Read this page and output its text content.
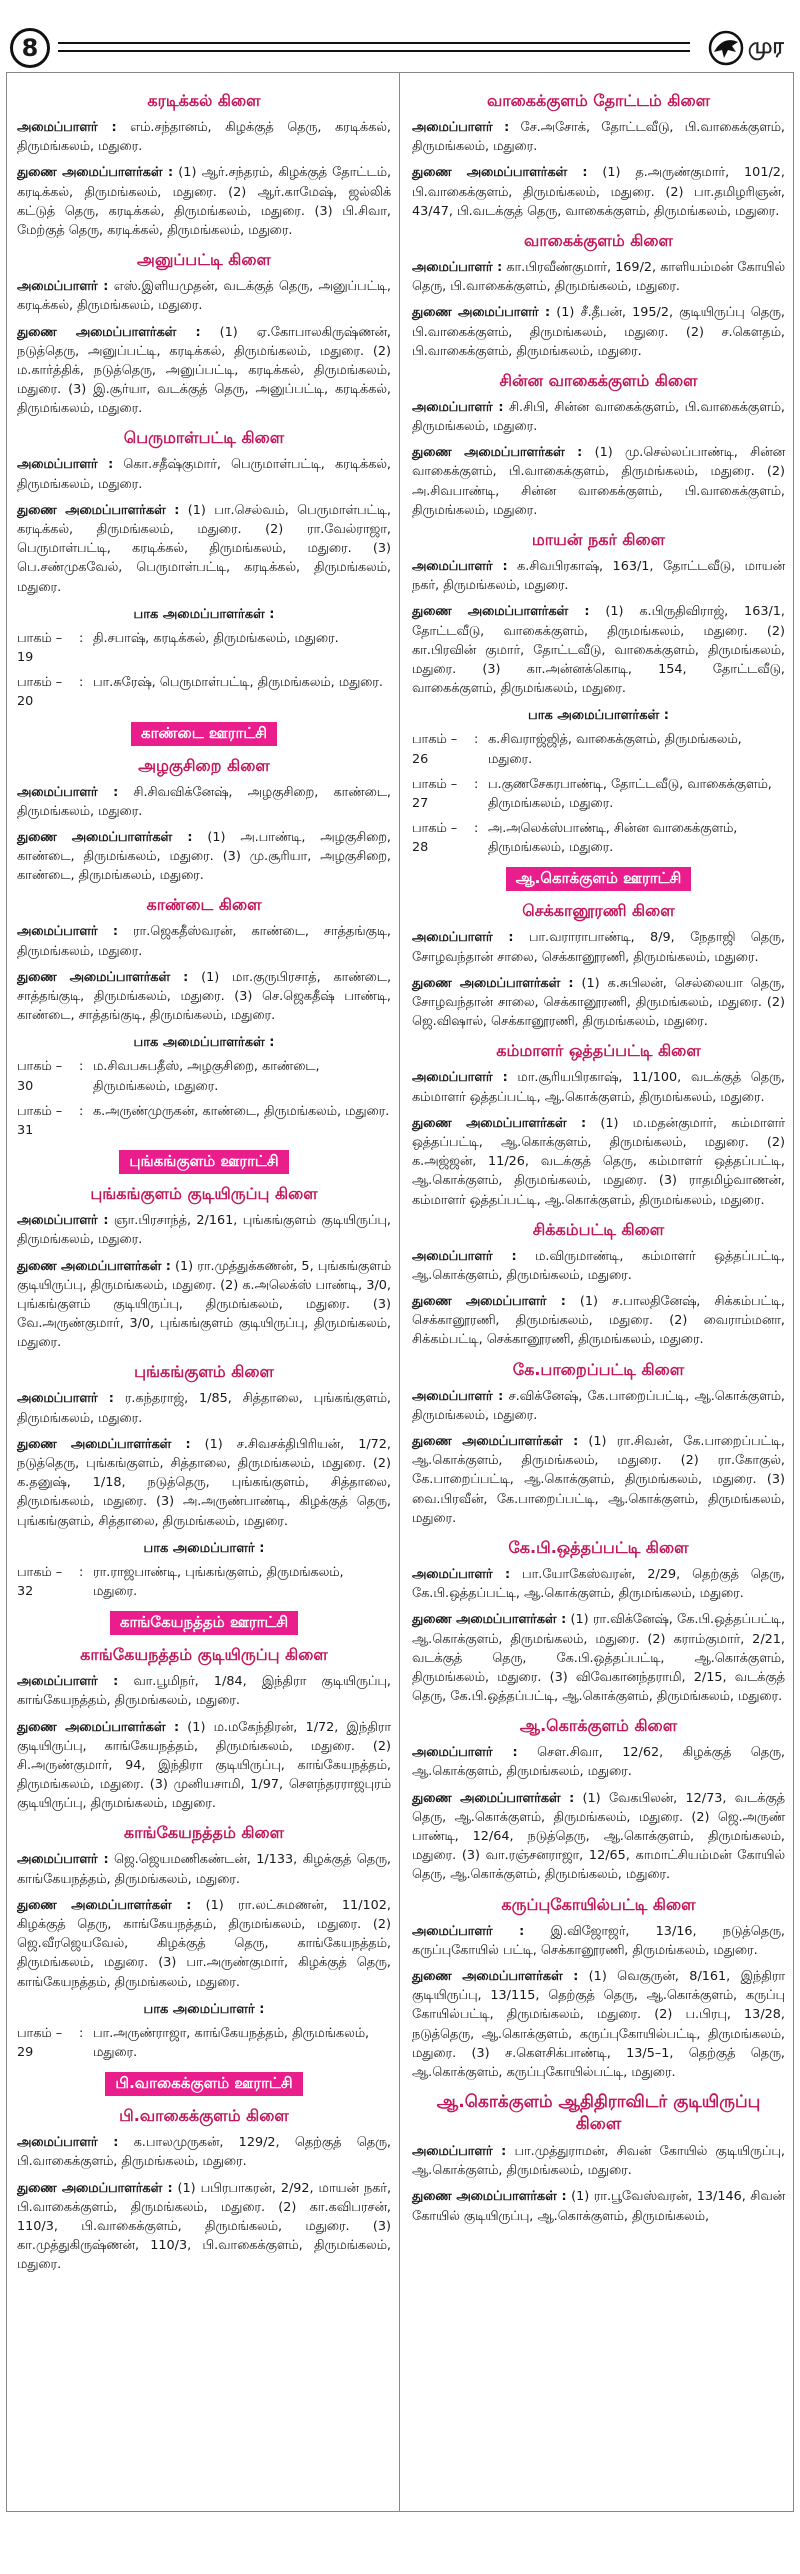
8	முர
கரடிக்கல் கிளை
அமைப்பாளர் : எம்.சந்தானம், கிழக்குத் தெரு, கரடிக்கல், திருமங்கலம், மதுரை.
துணை அமைப்பாளர்கள் : (1) ஆர்.சந்தரம், கிழக்குத் தோட்டம், கரடிக்கல், திருமங்கலம், மதுரை. (2) ஆர்.காமேஷ், ஜல்லிக் கட்டுத் தெரு, கரடிக்கல், திருமங்கலம், மதுரை. (3) பி.சிவா, மேற்குத் தெரு, கரடிக்கல், திருமங்கலம், மதுரை.
அனுப்பட்டி கிளை
அமைப்பாளர் : எஸ்.இளியமுதன், வடக்குத் தெரு, அனுப்பட்டி, கரடிக்கல், திருமங்கலம், மதுரை.
துணை அமைப்பாளர்கள் : (1) ஏ.கோபாலகிருஷ்ணன், நடுத்தெரு, அனுப்பட்டி, கரடிக்கல், திருமங்கலம், மதுரை. (2) ம.கார்த்திக், நடுத்தெரு, அனுப்பட்டி, கரடிக்கல், திருமங்கலம், மதுரை. (3) இ.சூர்யா, வடக்குத் தெரு, அனுப்பட்டி, கரடிக்கல், திருமங்கலம், மதுரை.
பெருமாள்பட்டி கிளை
அமைப்பாளர் : கொ.சதீஷ்குமார், பெருமாள்பட்டி, கரடிக்கல், திருமங்கலம், மதுரை.
துணை அமைப்பாளர்கள் : (1) பா.செல்வம், பெருமாள்பட்டி, கரடிக்கல், திருமங்கலம், மதுரை. (2) ரா.வேல்ராஜா, பெருமாள்பட்டி, கரடிக்கல், திருமங்கலம், மதுரை. (3) பெ.சண்முகவேல், பெருமாள்பட்டி, கரடிக்கல், திருமங்கலம், மதுரை.
பாக அமைப்பாளர்கள் :
பாகம் – 19
: தி.சபாஷ், கரடிக்கல், திருமங்கலம், மதுரை.
பாகம் – 20
: பா.சுரேஷ், பெருமாள்பட்டி, திருமங்கலம், மதுரை.
காண்டை ஊராட்சி
அழகுசிறை கிளை
அமைப்பாளர் : சி.சிவவிக்னேஷ், அழகுசிறை, காண்டை, திருமங்கலம், மதுரை.
துணை அமைப்பாளர்கள் : (1) அ.பாண்டி, அழகுசிறை, காண்டை, திருமங்கலம், மதுரை. (3) மு.சூரியா, அழகுசிறை, காண்டை, திருமங்கலம், மதுரை.
காண்டை கிளை
அமைப்பாளர் : ரா.ஜெகதீஸ்வரன், காண்டை, சாத்தங்குடி, திருமங்கலம், மதுரை.
துணை அமைப்பாளர்கள் : (1) மா.குருபிரசாத், காண்டை, சாத்தங்குடி, திருமங்கலம், மதுரை. (3) செ.ஜெகதீஷ் பாண்டி, காண்டை, சாத்தங்குடி, திருமங்கலம், மதுரை.
பாக அமைப்பாளர்கள் :
பாகம் – 30
: ம.சிவபசுபதீஸ், அழகுசிறை, காண்டை, திருமங்கலம், மதுரை.
பாகம் – 31
: க.அருண்முருகன், காண்டை, திருமங்கலம், மதுரை.
புங்கங்குளம் ஊராட்சி
புங்கங்குளம் குடியிருப்பு கிளை
அமைப்பாளர் : ஞா.பிரசாந்த், 2/161, புங்கங்குளம் குடியிருப்பு, திருமங்கலம், மதுரை.
துணை அமைப்பாளர்கள் : (1) ரா.முத்துக்கணன், 5, புங்கங்குளம் குடியிருப்பு, திருமங்கலம், மதுரை. (2) க.அலெக்ஸ் பாண்டி, 3/0, புங்கங்குளம் குடியிருப்பு, திருமங்கலம், மதுரை. (3) வே.அருண்குமார், 3/0, புங்கங்குளம் குடியிருப்பு, திருமங்கலம், மதுரை.
புங்கங்குளம் கிளை
அமைப்பாளர் : ர.கந்தராஜ், 1/85, சித்தாலை, புங்கங்குளம், திருமங்கலம், மதுரை.
துணை அமைப்பாளர்கள் : (1) ச.சிவசக்திபிரியன், 1/72, நடுத்தெரு, புங்கங்குளம், சித்தாலை, திருமங்கலம், மதுரை. (2) க.தனுஷ், 1/18, நடுத்தெரு, புங்கங்குளம், சித்தாலை, திருமங்கலம், மதுரை. (3) அ.அருண்பாண்டி, கிழக்குத் தெரு, புங்கங்குளம், சித்தாலை, திருமங்கலம், மதுரை.
பாக அமைப்பாளர் :
பாகம் – 32
: ரா.ராஜபாண்டி, புங்கங்குளம், திருமங்கலம், மதுரை.
காங்கேயநத்தம் ஊராட்சி
காங்கேயநத்தம் குடியிருப்பு கிளை
அமைப்பாளர் : வா.பூமிநர், 1/84, இந்திரா குடியிருப்பு, காங்கேயநத்தம், திருமங்கலம், மதுரை.
துணை அமைப்பாளர்கள் : (1) ம.மகேந்திரன், 1/72, இந்திரா குடியிருப்பு, காங்கேயநத்தம், திருமங்கலம், மதுரை. (2) சி.அருண்குமார், 94, இந்திரா குடியிருப்பு, காங்கேயநத்தம், திருமங்கலம், மதுரை. (3) முனியசாமி, 1/97, சௌந்தரராஜபுரம் குடியிருப்பு, திருமங்கலம், மதுரை.
காங்கேயநத்தம் கிளை
அமைப்பாளர் : ஜெ.ஜெயமணிகண்டன், 1/133, கிழக்குத் தெரு, காங்கேயநத்தம், திருமங்கலம், மதுரை.
துணை அமைப்பாளர்கள் : (1) ரா.லட்சுமணன், 11/102, கிழக்குத் தெரு, காங்கேயநத்தம், திருமங்கலம், மதுரை. (2) ஜெ.வீரஜெயவேல், கிழக்குத் தெரு, காங்கேயநத்தம், திருமங்கலம், மதுரை. (3) பா.அருண்குமார், கிழக்குத் தெரு, காங்கேயநத்தம், திருமங்கலம், மதுரை.
பாக அமைப்பாளர் :
பாகம் – 29
: பா.அருண்ராஜா, காங்கேயநத்தம், திருமங்கலம், மதுரை.
பி.வாகைக்குளம் ஊராட்சி
பி.வாகைக்குளம் கிளை
அமைப்பாளர் : க.பாலமுருகன், 129/2, தெற்குத் தெரு, பி.வாகைக்குளம், திருமங்கலம், மதுரை.
துணை அமைப்பாளர்கள் : (1) பபிரபாகரன், 2/92, மாயன் நகர், பி.வாகைக்குளம், திருமங்கலம், மதுரை. (2) கா.கவிபரசன், 110/3, பி.வாகைக்குளம், திருமங்கலம், மதுரை. (3) கா.முத்துகிருஷ்ணன், 110/3, பி.வாகைக்குளம், திருமங்கலம், மதுரை.
வாகைக்குளம் தோட்டம் கிளை
அமைப்பாளர் : சே.அசோக், தோட்டவீடு, பி.வாகைக்குளம், திருமங்கலம், மதுரை.
துணை அமைப்பாளர்கள் : (1) த.அருண்குமார், 101/2, பி.வாகைக்குளம், திருமங்கலம், மதுரை. (2) பா.தமிழரிஞன், 43/47, பி.வடக்குத் தெரு, வாகைக்குளம், திருமங்கலம், மதுரை.
வாகைக்குளம் கிளை
அமைப்பாளர் : கா.பிரவீண்குமார், 169/2, காளியம்மன் கோயில் தெரு, பி.வாகைக்குளம், திருமங்கலம், மதுரை.
துணை அமைப்பாளர் : (1) சீ.தீபன், 195/2, குடியிருப்பு தெரு, பி.வாகைக்குளம், திருமங்கலம், மதுரை. (2) ச.கௌதம், பி.வாகைக்குளம், திருமங்கலம், மதுரை.
சின்ன வாகைக்குளம் கிளை
அமைப்பாளர் : சி.சிபி, சின்ன வாகைக்குளம், பி.வாகைக்குளம், திருமங்கலம், மதுரை.
துணை அமைப்பாளர்கள் : (1) மு.செல்லப்பாண்டி, சின்ன வாகைக்குளம், பி.வாகைக்குளம், திருமங்கலம், மதுரை. (2) அ.சிவபாண்டி, சின்ன வாகைக்குளம், பி.வாகைக்குளம், திருமங்கலம், மதுரை.
மாயன் நகர் கிளை
அமைப்பாளர் : க.சிவபிரகாஷ், 163/1, தோட்டவீடு, மாயன் நகர், திருமங்கலம், மதுரை.
துணை அமைப்பாளர்கள் : (1) க.பிருதிவிராஜ், 163/1, தோட்டவீடு, வாகைக்குளம், திருமங்கலம், மதுரை. (2) கா.பிரவின் குமார், தோட்டவீடு, வாகைக்குளம், திருமங்கலம், மதுரை. (3) கா.அன்னக்கொடி, 154, தோட்டவீடு, வாகைக்குளம், திருமங்கலம், மதுரை.
பாக அமைப்பாளர்கள் :
பாகம் – 26
: க.சிவராஜ்ஜித், வாகைக்குளம், திருமங்கலம், மதுரை.
பாகம் – 27
: ப.குணசேகரபாண்டி, தோட்டவீடு, வாகைக்குளம், திருமங்கலம், மதுரை.
பாகம் – 28
: அ.அலெக்ஸ்பாண்டி, சின்ன வாகைக்குளம், திருமங்கலம், மதுரை.
ஆ.கொக்குளம் ஊராட்சி
செக்கானூரணி கிளை
அமைப்பாளர் : பா.வராராபாண்டி, 8/9, நேதாஜி தெரு, சோழவந்தான் சாலை, செக்கானூரணி, திருமங்கலம், மதுரை.
துணை அமைப்பாளர்கள் : (1) க.சுபிலன், செல்லையா தெரு, சோழவந்தான் சாலை, செக்கானூரணி, திருமங்கலம், மதுரை. (2) ஜெ.விஷால், செக்கானூரணி, திருமங்கலம், மதுரை.
கம்மாளர் ஒத்தப்பட்டி கிளை
அமைப்பாளர் : மா.சூரியபிரகாஷ், 11/100, வடக்குத் தெரு, கம்மாளர் ஒத்தப்பட்டி, ஆ.கொக்குளம், திருமங்கலம், மதுரை.
துணை அமைப்பாளர்கள் : (1) ம.மதன்குமார், கம்மாளர் ஒத்தப்பட்டி, ஆ.கொக்குளம், திருமங்கலம், மதுரை. (2) க.அஜ்ஜன், 11/26, வடக்குத் தெரு, கம்மாளர் ஒத்தப்பட்டி, ஆ.கொக்குளம், திருமங்கலம், மதுரை. (3) ராதமிழ்வாணன், கம்மாளர் ஒத்தப்பட்டி, ஆ.கொக்குளம், திருமங்கலம், மதுரை.
சிக்கம்பட்டி கிளை
அமைப்பாளர் : ம.விருமாண்டி, கம்மாளர் ஒத்தப்பட்டி, ஆ.கொக்குளம், திருமங்கலம், மதுரை.
துணை அமைப்பாளர் : (1) ச.பாலதினேஷ், சிக்கம்பட்டி, செக்கானூரணி, திருமங்கலம், மதுரை. (2) வைராம்மனா, சிக்கம்பட்டி, செக்கானூரணி, திருமங்கலம், மதுரை.
கே.பாறைப்பட்டி கிளை
அமைப்பாளர் : ச.விக்னேஷ், கே.பாறைப்பட்டி, ஆ.கொக்குளம், திருமங்கலம், மதுரை.
துணை அமைப்பாளர்கள் : (1) ரா.சிவன், கே.பாறைப்பட்டி, ஆ.கொக்குளம், திருமங்கலம், மதுரை. (2) ரா.கோகுல், கே.பாறைப்பட்டி, ஆ.கொக்குளம், திருமங்கலம், மதுரை. (3) வை.பிரவீன், கே.பாறைப்பட்டி, ஆ.கொக்குளம், திருமங்கலம், மதுரை.
கே.பி.ஒத்தப்பட்டி கிளை
அமைப்பாளர் : பா.யோகேஸ்வரன், 2/29, தெற்குத் தெரு, கே.பி.ஒத்தப்பட்டி, ஆ.கொக்குளம், திருமங்கலம், மதுரை.
துணை அமைப்பாளர்கள் : (1) ரா.விக்னேஷ், கே.பி.ஒத்தப்பட்டி, ஆ.கொக்குளம், திருமங்கலம், மதுரை. (2) கராம்குமார், 2/21, வடக்குத் தெரு, கே.பி.ஒத்தப்பட்டி, ஆ.கொக்குளம், திருமங்கலம், மதுரை. (3) விவேகானந்தராமி, 2/15, வடக்குத் தெரு, கே.பி.ஒத்தப்பட்டி, ஆ.கொக்குளம், திருமங்கலம், மதுரை.
ஆ.கொக்குளம் கிளை
அமைப்பாளர் : செள.சிவா, 12/62, கிழக்குத் தெரு, ஆ.கொக்குளம், திருமங்கலம், மதுரை.
துணை அமைப்பாளர்கள் : (1) வேகபிலன், 12/73, வடக்குத் தெரு, ஆ.கொக்குளம், திருமங்கலம், மதுரை. (2) ஜெ.அருண் பாண்டி, 12/64, நடுத்தெரு, ஆ.கொக்குளம், திருமங்கலம், மதுரை. (3) வா.ரஞ்சனராஜா, 12/65, காமாட்சியம்மன் கோயில் தெரு, ஆ.கொக்குளம், திருமங்கலம், மதுரை.
கருப்புகோயில்பட்டி கிளை
அமைப்பாளர் : இ.விஜோஜர், 13/16, நடுத்தெரு, கருப்புகோயில் பட்டி, செக்கானூரணி, திருமங்கலம், மதுரை.
துணை அமைப்பாளர்கள் : (1) வெகுருன், 8/161, இந்திரா குடியிருப்பு, 13/115, தெற்குத் தெரு, ஆ.கொக்குளம், கருப்பு கோயில்பட்டி, திருமங்கலம், மதுரை. (2) ப.பிரபு, 13/28, நடுத்தெரு, ஆ.கொக்குளம், கருப்புகோயில்பட்டி, திருமங்கலம், மதுரை. (3) ச.கௌசிக்பாண்டி, 13/5–1, தெற்குத் தெரு, ஆ.கொக்குளம், கருப்புகோயில்பட்டி, மதுரை.
ஆ.கொக்குளம் ஆதிதிராவிடர் குடியிருப்பு கிளை
அமைப்பாளர் : பா.முத்துராமன், சிவன் கோயில் குடியிருப்பு, ஆ.கொக்குளம், திருமங்கலம், மதுரை.
துணை அமைப்பாளர்கள் : (1) ரா.பூவேஸ்வரன், 13/146, சிவன் கோயில் குடியிருப்பு, ஆ.கொக்குளம், திருமங்கலம்,
